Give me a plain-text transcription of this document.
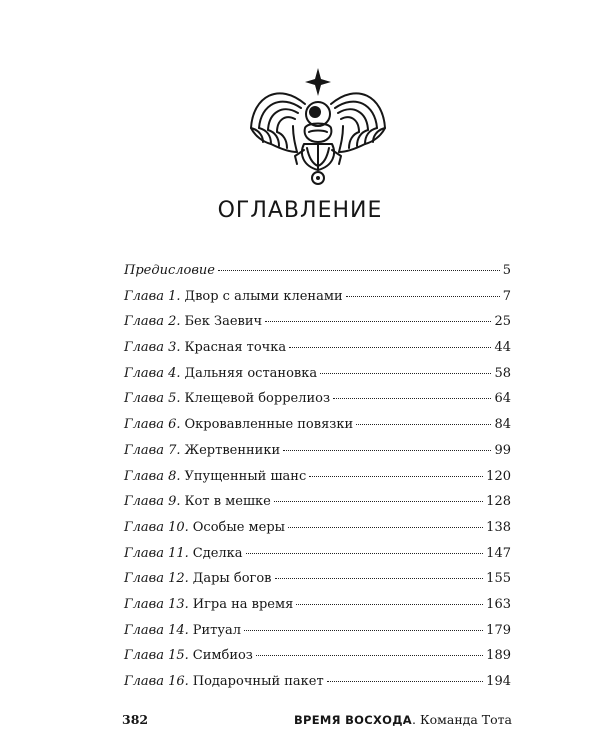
ОГЛАВЛЕНИЕ
Предисловие	5
Глава 1. Двор с алыми кленами	7
Глава 2. Бек Заевич	25
Глава 3. Красная точка	44
Глава 4. Дальняя остановка	58
Глава 5. Клещевой боррелиоз	64
Глава 6. Окровавленные повязки	84
Глава 7. Жертвенники	99
Глава 8. Упущенный шанс	120
Глава 9. Кот в мешке	128
Глава 10. Особые меры	138
Глава 11. Сделка	147
Глава 12. Дары богов	155
Глава 13. Игра на время	163
Глава 14. Ритуал	179
Глава 15. Симбиоз	189
Глава 16. Подарочный пакет	194
382	ВРЕМЯ ВОСХОДА. Команда Тота
